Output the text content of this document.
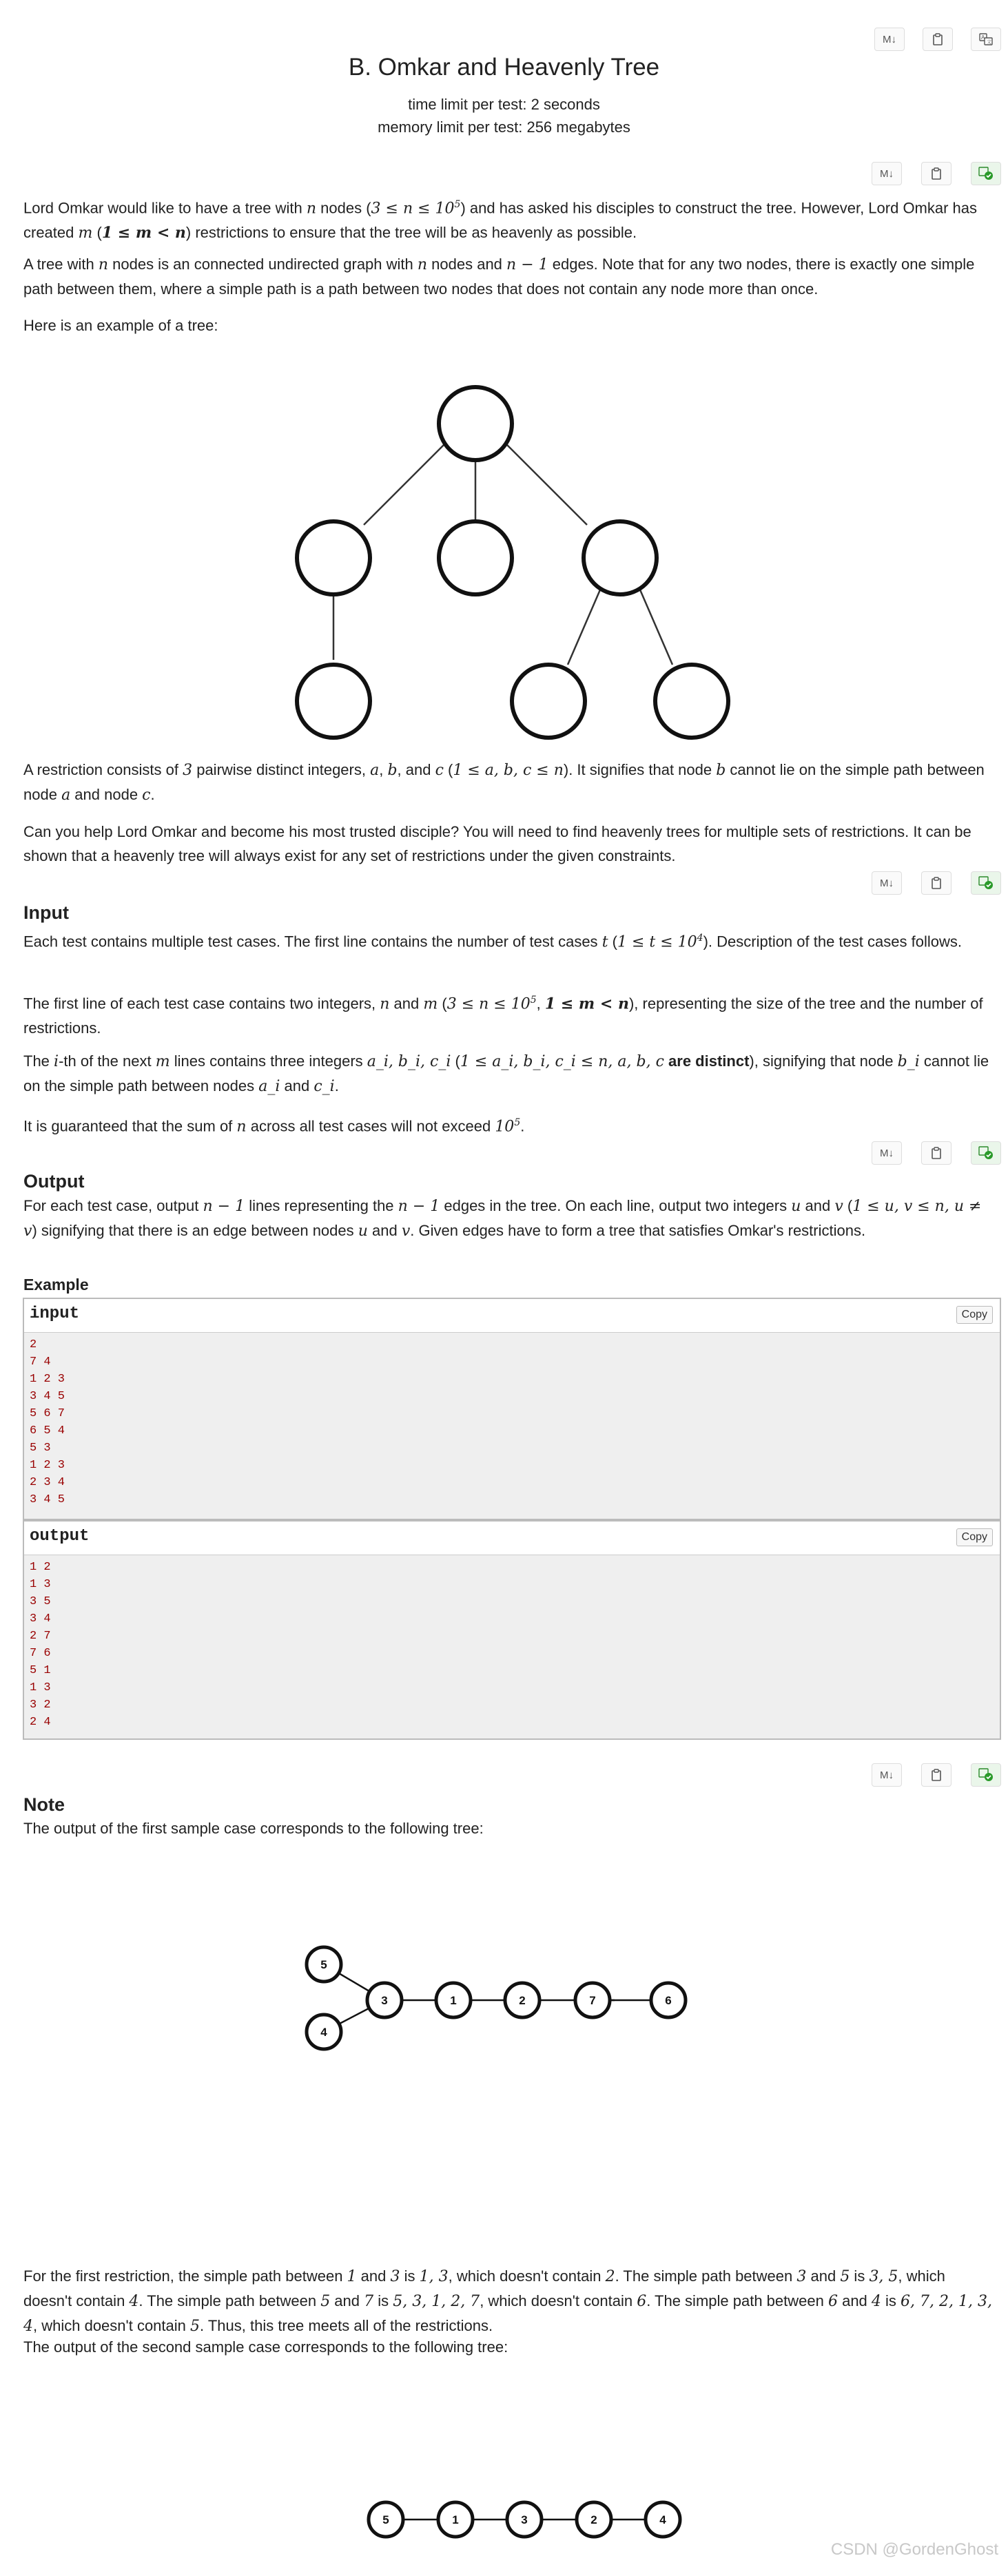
M↓	A
文
B. Omkar and Heavenly Tree
time limit per test: 2 seconds
memory limit per test: 256 megabytes
M↓

Lord Omkar would like to have a tree with n nodes $(3 \le n \le 10^5)$ and has asked his disciples to construct the tree. However, Lord Omkar has created m (1 ≤ m < n) restrictions to ensure that the tree will be as heavenly as possible.

A tree with n nodes is an connected undirected graph with n nodes and n − 1 edges. Note that for any two nodes, there is exactly one simple path between them, where a simple path is a path between two nodes that does not contain any node more than once.

Here is an example of a tree:

A restriction consists of 3 pairwise distinct integers, a, b, and c (1 ≤ a, b, c ≤ n). It signifies that node b cannot lie on the simple path between node a and node c.

Can you help Lord Omkar and become his most trusted disciple? You will need to find heavenly trees for multiple sets of restrictions. It can be shown that a heavenly tree will always exist for any set of restrictions under the given constraints.

M↓
Input

Each test contains multiple test cases. The first line contains the number of test cases t $(1 \le t \le 10^4)$. Description of the test cases follows.

The first line of each test case contains two integers, n and m ($3 \le n \le 10^5$, 1 ≤ m < n), representing the size of the tree and the number of restrictions.

The i-th of the next m lines contains three integers a_i, b_i, c_i (1 ≤ a_i, b_i, c_i ≤ n, a, b, c are distinct), signifying that node b_i cannot lie on the simple path between nodes a_i and c_i.

It is guaranteed that the sum of n across all test cases will not exceed $10^5$.

M↓
Output

For each test case, output n − 1 lines representing the n − 1 edges in the tree. On each line, output two integers u and v (1 ≤ u, v ≤ n, u ≠ v) signifying that there is an edge between nodes u and v. Given edges have to form a tree that satisfies Omkar's restrictions.

Example
input	Copy
2
7 4
1 2 3
3 4 5
5 6 7
6 5 4
5 3
1 2 3
2 3 4
3 4 5
output	Copy
1 2
1 3
3 5
3 4
2 7
7 6
5 1
1 3
3 2
2 4
M↓
Note

The output of the first sample case corresponds to the following tree:

5
4
3	1	2	7	6

For the first restriction, the simple path between 1 and 3 is 1, 3, which doesn't contain 2. The simple path between 3 and 5 is 3, 5, which doesn't contain 4. The simple path between 5 and 7 is 5, 3, 1, 2, 7, which doesn't contain 6. The simple path between 6 and 4 is 6, 7, 2, 1, 3, 4, which doesn't contain 5. Thus, this tree meets all of the restrictions.

The output of the second sample case corresponds to the following tree:

5	1	3	2	4
CSDN @GordenGhost
